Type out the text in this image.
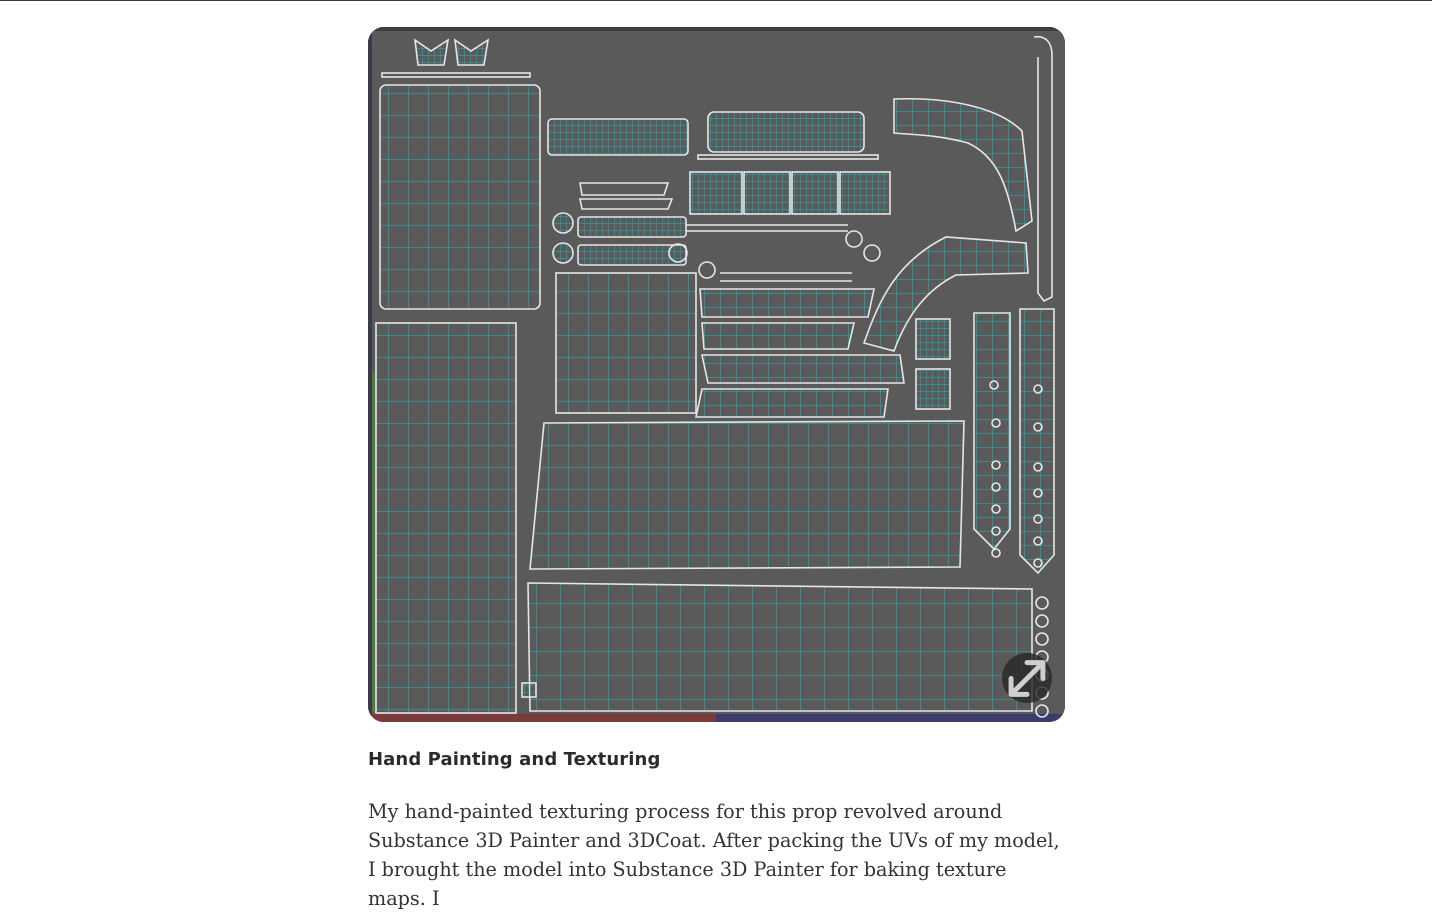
Hand Painting and Texturing

My hand-painted texturing process for this prop revolved around Substance 3D Painter and 3DCoat. After packing the UVs of my model, I brought the model into Substance 3D Painter for baking texture maps. I
